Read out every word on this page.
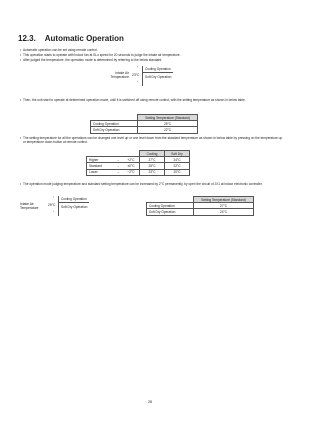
12.3. Automatic Operation
• Automatic operation can be set using remote control.
• This operation starts to operate with indoor fan at SLo speed for 20 seconds to judge the intake air temperature.
• After judged the temperature, the operation mode is determined by referring to the below standard.
Intake Air
Temperature
↑
23°C
↓
Cooling Operation
Soft Dry Operation
• Then, the unit start to operate at determined operation mode, until it is switched off using remote control, with the setting temperature as shown in below table.
	Setting Temperature (Standard)
Cooling Operation	25°C
Soft Dry Operation	22°C
• The setting temperature for all the operations can be changed one level up or one level down from the standard temperature as shown in below table by pressing on the temperature up or temperature down button at remote control.
			Cooling	Soft Dry
Higher	→	+2°C	27°C	24°C
Standard	→	±0°C	25°C	22°C
Lower	→	−2°C	23°C	20°C
• The operation mode judging temperature and standard setting temperature can be increased by 2°C permanently, by open the circuit of JX1 at indoor electronic controller.
Intake Air
Temperature
↑
25°C
↓
Cooling Operation
Soft Dry Operation
	Setting Temperature (Standard)
Cooling Operation	27°C
Soft Dry Operation	24°C
28
